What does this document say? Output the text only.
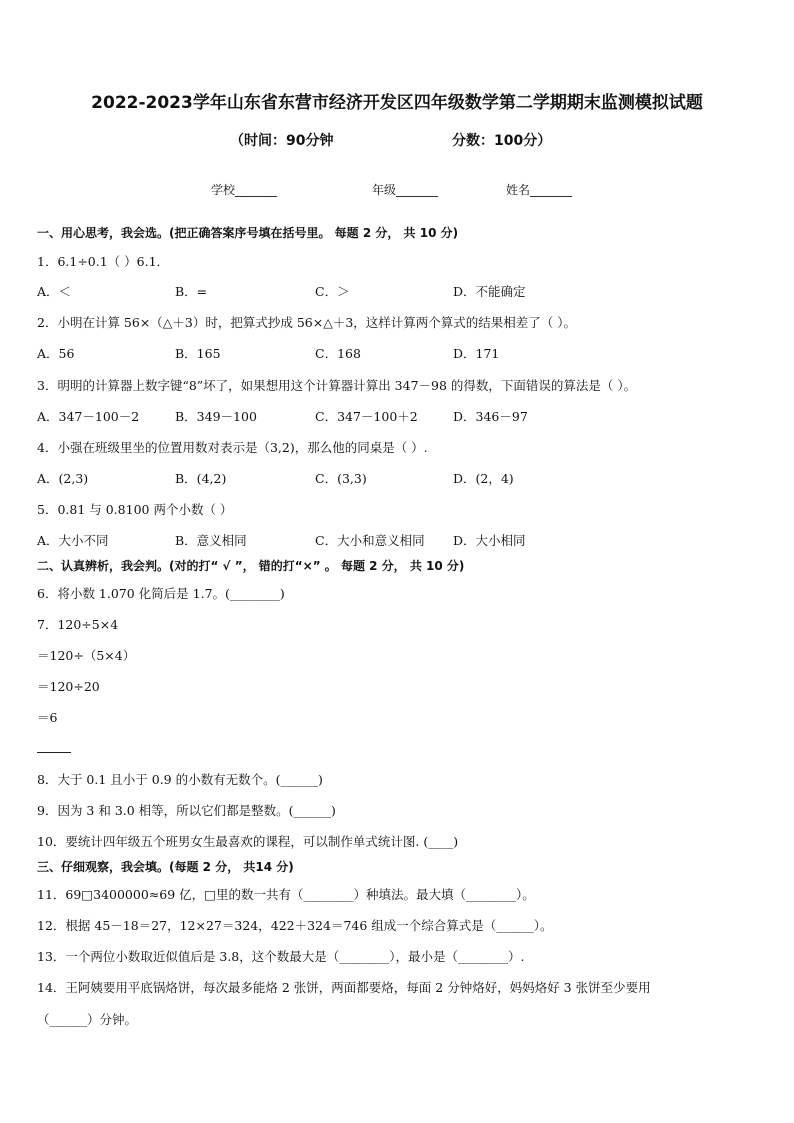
2022-2023学年山东省东营市经济开发区四年级数学第二学期期末监测模拟试题
（时间：90分钟	分数：100分）
学校_______	年级_______	姓名_______
一、用心思考，我会选。(把正确答案序号填在括号里。 每题 2 分， 共 10 分)
1．6.1÷0.1（ ）6.1．
A．＜	B．=	C．＞	D．不能确定
2．小明在计算 56×（△＋3）时，把算式抄成 56×△＋3，这样计算两个算式的结果相差了（ ）。
A．56	B．165	C．168	D．171
3．明明的计算器上数字键“8”坏了，如果想用这个计算器计算出 347－98 的得数，下面错误的算法是（ ）。
A．347－100－2	B．349－100	C．347－100＋2	D．346－97
4．小强在班级里坐的位置用数对表示是（3,2)，那么他的同桌是（ ）.
A．(2,3)	B．(4,2)	C．(3,3)	D．(2，4)
5．0.81 与 0.8100 两个小数（ ）
A．大小不同	B．意义相同	C．大小和意义相同 D．大小相同
二、认真辨析，我会判。(对的打“ √ ”， 错的打“×” 。 每题 2 分， 共 10 分)
6．将小数 1.070 化简后是 1.7。(________)
7．120÷5×4
＝120÷（5×4）
＝120÷20
＝6
8．大于 0.1 且小于 0.9 的小数有无数个。(______)
9．因为 3 和 3.0 相等，所以它们都是整数。(______)
10．要统计四年级五个班男女生最喜欢的课程，可以制作单式统计图. (____)
三、仔细观察，我会填。(每题 2 分， 共14 分)
11．69□3400000≈69 亿，□里的数一共有（________）种填法。最大填（________）。
12．根据 45－18＝27，12×27＝324，422＋324＝746 组成一个综合算式是（______）。
13．一个两位小数取近似值后是 3.8，这个数最大是（________），最小是（________）.
14．王阿姨要用平底锅烙饼，每次最多能烙 2 张饼，两面都要烙，每面 2 分钟烙好，妈妈烙好 3 张饼至少要用
（______）分钟。
